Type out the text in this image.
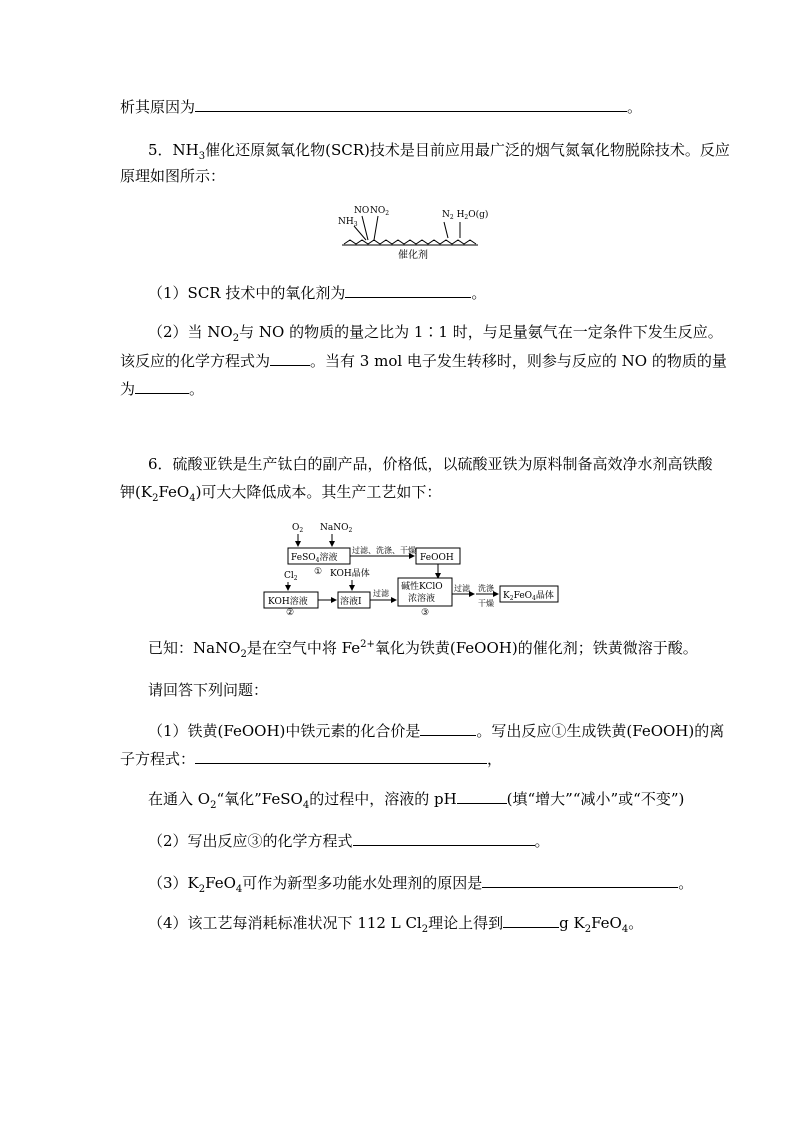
析其原因为	。
5．$NH_3$催化还原氮氧化物(SCR)技术是目前应用最广泛的烟气氮氧化物脱除技术。反应
原理如图所示：
$NH_3$
NO $NO_2$	$N_2$ $H_2O(g)$
催化剂
（1）SCR 技术中的氧化剂为	。
（2）当 $NO_2$与 NO 的物质的量之比为 1∶1 时，与足量氨气在一定条件下发生反应。
该反应的化学方程式为	。当有 3 mol 电子发生转移时，则参与反应的 NO 的物质的量
为	。
6．硫酸亚铁是生产钛白的副产品，价格低，以硫酸亚铁为原料制备高效净水剂高铁酸
钾$(K_2FeO_4)$可大大降低成本。其生产工艺如下：
$O_2$ NaNO$_2$
FeSO$_4$溶液
①
过滤、洗涤、干燥
FeOOH
$Cl_2$	KOH晶体
KOH溶液
②
溶液I
过滤
碱性KClO
浓溶液
③
过滤 洗涤
干燥
$K_2FeO_4$晶体
已知：NaNO$_2$是在空气中将 $Fe^{2+}$氧化为铁黄(FeOOH)的催化剂；铁黄微溶于酸。
请回答下列问题：
（1）铁黄(FeOOH)中铁元素的化合价是	。写出反应①生成铁黄(FeOOH)的离
子方程式：	，
在通入 $O_2“$氧化”FeSO$_4$的过程中，溶液的 pH	(填“增大”“减小”或“不变”)
（2）写出反应③的化学方程式	。
$(3)K_2FeO_4$可作为新型多功能水处理剂的原因是	。
（4）该工艺每消耗标准状况下 112 L $Cl_2$理论上得到	g $K_2FeO_4$。
